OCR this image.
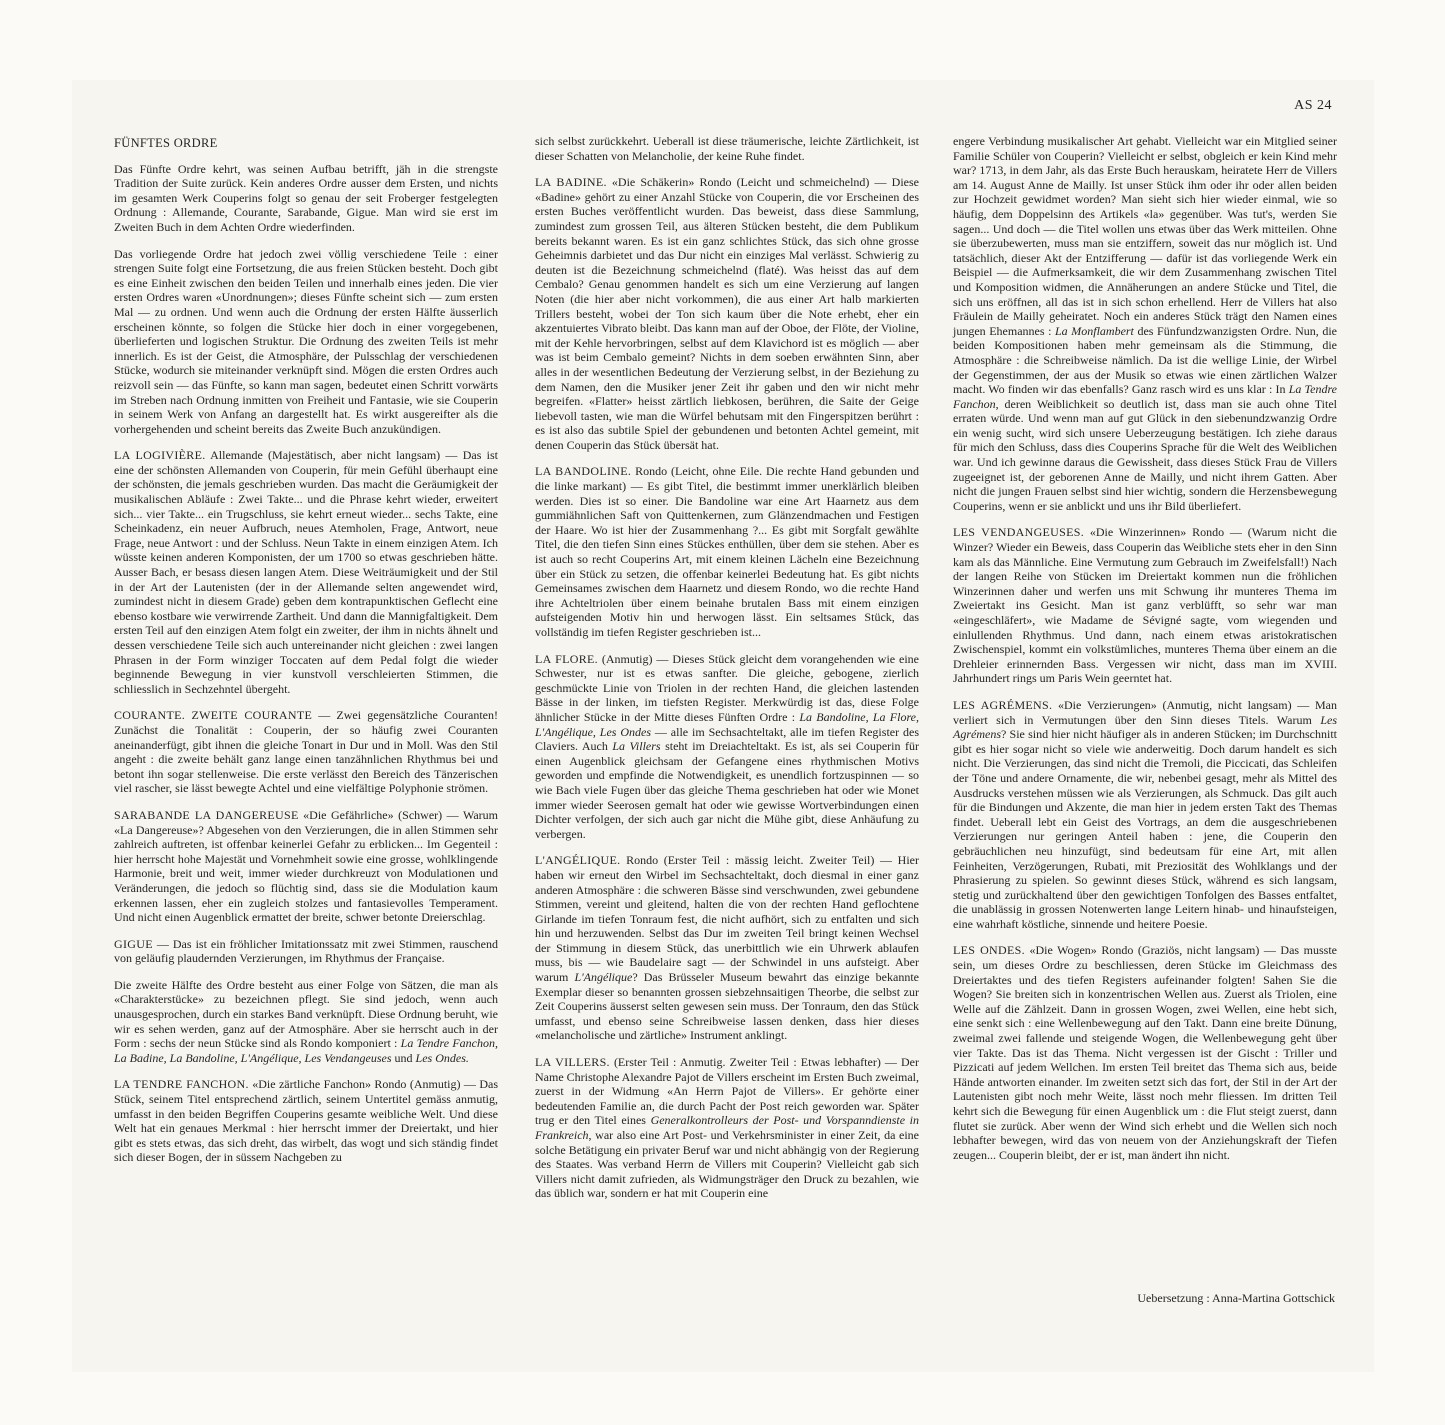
AS 24
FÜNFTES ORDRE

Das Fünfte Ordre kehrt, was seinen Aufbau betrifft, jäh in die strengste Tradition der Suite zurück. Kein anderes Ordre ausser dem Ersten, und nichts im gesamten Werk Couperins folgt so genau der seit Froberger festgelegten Ordnung : Allemande, Courante, Sarabande, Gigue. Man wird sie erst im Zweiten Buch in dem Achten Ordre wiederfinden.

Das vorliegende Ordre hat jedoch zwei völlig verschiedene Teile : einer strengen Suite folgt eine Fortsetzung, die aus freien Stücken besteht. Doch gibt es eine Einheit zwischen den beiden Teilen und innerhalb eines jeden. Die vier ersten Ordres waren «Unordnungen»; dieses Fünfte scheint sich — zum ersten Mal — zu ordnen. Und wenn auch die Ordnung der ersten Hälfte äusserlich erscheinen könnte, so folgen die Stücke hier doch in einer vorgegebenen, überlieferten und logischen Struktur. Die Ordnung des zweiten Teils ist mehr innerlich. Es ist der Geist, die Atmosphäre, der Pulsschlag der verschiedenen Stücke, wodurch sie miteinander verknüpft sind. Mögen die ersten Ordres auch reizvoll sein — das Fünfte, so kann man sagen, bedeutet einen Schritt vorwärts im Streben nach Ordnung inmitten von Freiheit und Fantasie, wie sie Couperin in seinem Werk von Anfang an dargestellt hat. Es wirkt ausgereifter als die vorhergehenden und scheint bereits das Zweite Buch anzukündigen.

LA LOGIVIÈRE. Allemande (Majestätisch, aber nicht langsam) — Das ist eine der schönsten Allemanden von Couperin, für mein Gefühl überhaupt eine der schönsten, die jemals geschrieben wurden. Das macht die Geräumigkeit der musikalischen Abläufe : Zwei Takte... und die Phrase kehrt wieder, erweitert sich... vier Takte... ein Trugschluss, sie kehrt erneut wieder... sechs Takte, eine Scheinkadenz, ein neuer Aufbruch, neues Atemholen, Frage, Antwort, neue Frage, neue Antwort : und der Schluss. Neun Takte in einem einzigen Atem. Ich wüsste keinen anderen Komponisten, der um 1700 so etwas geschrieben hätte. Ausser Bach, er besass diesen langen Atem. Diese Weiträumigkeit und der Stil in der Art der Lautenisten (der in der Allemande selten angewendet wird, zumindest nicht in diesem Grade) geben dem kontrapunktischen Geflecht eine ebenso kostbare wie verwirrende Zartheit. Und dann die Mannigfaltigkeit. Dem ersten Teil auf den einzigen Atem folgt ein zweiter, der ihm in nichts ähnelt und dessen verschiedene Teile sich auch untereinander nicht gleichen : zwei langen Phrasen in der Form winziger Toccaten auf dem Pedal folgt die wieder beginnende Bewegung in vier kunstvoll verschleierten Stimmen, die schliesslich in Sechzehntel übergeht.

COURANTE. ZWEITE COURANTE — Zwei gegensätzliche Couranten! Zunächst die Tonalität : Couperin, der so häufig zwei Couranten aneinanderfügt, gibt ihnen die gleiche Tonart in Dur und in Moll. Was den Stil angeht : die zweite behält ganz lange einen tanzähnlichen Rhythmus bei und betont ihn sogar stellenweise. Die erste verlässt den Bereich des Tänzerischen viel rascher, sie lässt bewegte Achtel und eine vielfältige Polyphonie strömen.

SARABANDE LA DANGEREUSE «Die Gefährliche» (Schwer) — Warum «La Dangereuse»? Abgesehen von den Verzierungen, die in allen Stimmen sehr zahlreich auftreten, ist offenbar keinerlei Gefahr zu erblicken... Im Gegenteil : hier herrscht hohe Majestät und Vornehmheit sowie eine grosse, wohlklingende Harmonie, breit und weit, immer wieder durchkreuzt von Modulationen und Veränderungen, die jedoch so flüchtig sind, dass sie die Modulation kaum erkennen lassen, eher ein zugleich stolzes und fantasievolles Temperament. Und nicht einen Augenblick ermattet der breite, schwer betonte Dreierschlag.

GIGUE — Das ist ein fröhlicher Imitationssatz mit zwei Stimmen, rauschend von geläufig plaudernden Verzierungen, im Rhythmus der Française.

Die zweite Hälfte des Ordre besteht aus einer Folge von Sätzen, die man als «Charakterstücke» zu bezeichnen pflegt. Sie sind jedoch, wenn auch unausgesprochen, durch ein starkes Band verknüpft. Diese Ordnung beruht, wie wir es sehen werden, ganz auf der Atmosphäre. Aber sie herrscht auch in der Form : sechs der neun Stücke sind als Rondo komponiert : La Tendre Fanchon, La Badine, La Bandoline, L'Angélique, Les Vendangeuses und Les Ondes.

LA TENDRE FANCHON. «Die zärtliche Fanchon» Rondo (Anmutig) — Das Stück, seinem Titel entsprechend zärtlich, seinem Untertitel gemäss anmutig, umfasst in den beiden Begriffen Couperins gesamte weibliche Welt. Und diese Welt hat ein genaues Merkmal : hier herrscht immer der Dreiertakt, und hier gibt es stets etwas, das sich dreht, das wirbelt, das wogt und sich ständig findet sich dieser Bogen, der in süssem Nachgeben zu

sich selbst zurückkehrt. Ueberall ist diese träumerische, leichte Zärtlichkeit, ist dieser Schatten von Melancholie, der keine Ruhe findet.

LA BADINE. «Die Schäkerin» Rondo (Leicht und schmeichelnd) — Diese «Badine» gehört zu einer Anzahl Stücke von Couperin, die vor Erscheinen des ersten Buches veröffentlicht wurden. Das beweist, dass diese Sammlung, zumindest zum grossen Teil, aus älteren Stücken besteht, die dem Publikum bereits bekannt waren. Es ist ein ganz schlichtes Stück, das sich ohne grosse Geheimnis darbietet und das Dur nicht ein einziges Mal verlässt. Schwierig zu deuten ist die Bezeichnung schmeichelnd (flaté). Was heisst das auf dem Cembalo? Genau genommen handelt es sich um eine Verzierung auf langen Noten (die hier aber nicht vorkommen), die aus einer Art halb markierten Trillers besteht, wobei der Ton sich kaum über die Note erhebt, eher ein akzentuiertes Vibrato bleibt. Das kann man auf der Oboe, der Flöte, der Violine, mit der Kehle hervorbringen, selbst auf dem Klavichord ist es möglich — aber was ist beim Cembalo gemeint? Nichts in dem soeben erwähnten Sinn, aber alles in der wesentlichen Bedeutung der Verzierung selbst, in der Beziehung zu dem Namen, den die Musiker jener Zeit ihr gaben und den wir nicht mehr begreifen. «Flatter» heisst zärtlich liebkosen, berühren, die Saite der Geige liebevoll tasten, wie man die Würfel behutsam mit den Fingerspitzen berührt : es ist also das subtile Spiel der gebundenen und betonten Achtel gemeint, mit denen Couperin das Stück übersät hat.

LA BANDOLINE. Rondo (Leicht, ohne Eile. Die rechte Hand gebunden und die linke markant) — Es gibt Titel, die bestimmt immer unerklärlich bleiben werden. Dies ist so einer. Die Bandoline war eine Art Haarnetz aus dem gummiähnlichen Saft von Quittenkernen, zum Glänzendmachen und Festigen der Haare. Wo ist hier der Zusammenhang ?... Es gibt mit Sorgfalt gewählte Titel, die den tiefen Sinn eines Stückes enthüllen, über dem sie stehen. Aber es ist auch so recht Couperins Art, mit einem kleinen Lächeln eine Bezeichnung über ein Stück zu setzen, die offenbar keinerlei Bedeutung hat. Es gibt nichts Gemeinsames zwischen dem Haarnetz und diesem Rondo, wo die rechte Hand ihre Achteltriolen über einem beinahe brutalen Bass mit einem einzigen aufsteigenden Motiv hin und herwogen lässt. Ein seltsames Stück, das vollständig im tiefen Register geschrieben ist...

LA FLORE. (Anmutig) — Dieses Stück gleicht dem vorangehenden wie eine Schwester, nur ist es etwas sanfter. Die gleiche, gebogene, zierlich geschmückte Linie von Triolen in der rechten Hand, die gleichen lastenden Bässe in der linken, im tiefsten Register. Merkwürdig ist das, diese Folge ähnlicher Stücke in der Mitte dieses Fünften Ordre : La Bandoline, La Flore, L'Angélique, Les Ondes — alle im Sechsachteltakt, alle im tiefen Register des Claviers. Auch La Villers steht im Dreiachteltakt. Es ist, als sei Couperin für einen Augenblick gleichsam der Gefangene eines rhythmischen Motivs geworden und empfinde die Notwendigkeit, es unendlich fortzuspinnen — so wie Bach viele Fugen über das gleiche Thema geschrieben hat oder wie Monet immer wieder Seerosen gemalt hat oder wie gewisse Wortverbindungen einen Dichter verfolgen, der sich auch gar nicht die Mühe gibt, diese Anhäufung zu verbergen.

L'ANGÉLIQUE. Rondo (Erster Teil : mässig leicht. Zweiter Teil) — Hier haben wir erneut den Wirbel im Sechsachteltakt, doch diesmal in einer ganz anderen Atmosphäre : die schweren Bässe sind verschwunden, zwei gebundene Stimmen, vereint und gleitend, halten die von der rechten Hand geflochtene Girlande im tiefen Tonraum fest, die nicht aufhört, sich zu entfalten und sich hin und herzuwenden. Selbst das Dur im zweiten Teil bringt keinen Wechsel der Stimmung in diesem Stück, das unerbittlich wie ein Uhrwerk ablaufen muss, bis — wie Baudelaire sagt — der Schwindel in uns aufsteigt. Aber warum L'Angélique? Das Brüsseler Museum bewahrt das einzige bekannte Exemplar dieser so benannten grossen siebzehnsaitigen Theorbe, die selbst zur Zeit Couperins äusserst selten gewesen sein muss. Der Tonraum, den das Stück umfasst, und ebenso seine Schreibweise lassen denken, dass hier dieses «melancholische und zärtliche» Instrument anklingt.

LA VILLERS. (Erster Teil : Anmutig. Zweiter Teil : Etwas lebhafter) — Der Name Christophe Alexandre Pajot de Villers erscheint im Ersten Buch zweimal, zuerst in der Widmung «An Herrn Pajot de Villers». Er gehörte einer bedeutenden Familie an, die durch Pacht der Post reich geworden war. Später trug er den Titel eines Generalkontrolleurs der Post- und Vorspanndienste in Frankreich, war also eine Art Post- und Verkehrsminister in einer Zeit, da eine solche Betätigung ein privater Beruf war und nicht abhängig von der Regierung des Staates. Was verband Herrn de Villers mit Couperin? Vielleicht gab sich Villers nicht damit zufrieden, als Widmungsträger den Druck zu bezahlen, wie das üblich war, sondern er hat mit Couperin eine

engere Verbindung musikalischer Art gehabt. Vielleicht war ein Mitglied seiner Familie Schüler von Couperin? Vielleicht er selbst, obgleich er kein Kind mehr war? 1713, in dem Jahr, als das Erste Buch herauskam, heiratete Herr de Villers am 14. August Anne de Mailly. Ist unser Stück ihm oder ihr oder allen beiden zur Hochzeit gewidmet worden? Man sieht sich hier wieder einmal, wie so häufig, dem Doppelsinn des Artikels «la» gegenüber. Was tut's, werden Sie sagen... Und doch — die Titel wollen uns etwas über das Werk mitteilen. Ohne sie überzubewerten, muss man sie entziffern, soweit das nur möglich ist. Und tatsächlich, dieser Akt der Entzifferung — dafür ist das vorliegende Werk ein Beispiel — die Aufmerksamkeit, die wir dem Zusammenhang zwischen Titel und Komposition widmen, die Annäherungen an andere Stücke und Titel, die sich uns eröffnen, all das ist in sich schon erhellend. Herr de Villers hat also Fräulein de Mailly geheiratet. Noch ein anderes Stück trägt den Namen eines jungen Ehemannes : La Monflambert des Fünfundzwanzigsten Ordre. Nun, die beiden Kompositionen haben mehr gemeinsam als die Stimmung, die Atmosphäre : die Schreibweise nämlich. Da ist die wellige Linie, der Wirbel der Gegenstimmen, der aus der Musik so etwas wie einen zärtlichen Walzer macht. Wo finden wir das ebenfalls? Ganz rasch wird es uns klar : In La Tendre Fanchon, deren Weiblichkeit so deutlich ist, dass man sie auch ohne Titel erraten würde. Und wenn man auf gut Glück in den siebenundzwanzig Ordre ein wenig sucht, wird sich unsere Ueberzeugung bestätigen. Ich ziehe daraus für mich den Schluss, dass dies Couperins Sprache für die Welt des Weiblichen war. Und ich gewinne daraus die Gewissheit, dass dieses Stück Frau de Villers zugeeignet ist, der geborenen Anne de Mailly, und nicht ihrem Gatten. Aber nicht die jungen Frauen selbst sind hier wichtig, sondern die Herzensbewegung Couperins, wenn er sie anblickt und uns ihr Bild überliefert.

LES VENDANGEUSES. «Die Winzerinnen» Rondo — (Warum nicht die Winzer? Wieder ein Beweis, dass Couperin das Weibliche stets eher in den Sinn kam als das Männliche. Eine Vermutung zum Gebrauch im Zweifelsfall!) Nach der langen Reihe von Stücken im Dreiertakt kommen nun die fröhlichen Winzerinnen daher und werfen uns mit Schwung ihr munteres Thema im Zweiertakt ins Gesicht. Man ist ganz verblüfft, so sehr war man «eingeschläfert», wie Madame de Sévigné sagte, vom wiegenden und einlullenden Rhythmus. Und dann, nach einem etwas aristokratischen Zwischenspiel, kommt ein volkstümliches, munteres Thema über einem an die Drehleier erinnernden Bass. Vergessen wir nicht, dass man im XVIII. Jahrhundert rings um Paris Wein geerntet hat.

LES AGRÉMENS. «Die Verzierungen» (Anmutig, nicht langsam) — Man verliert sich in Vermutungen über den Sinn dieses Titels. Warum Les Agrémens? Sie sind hier nicht häufiger als in anderen Stücken; im Durchschnitt gibt es hier sogar nicht so viele wie anderweitig. Doch darum handelt es sich nicht. Die Verzierungen, das sind nicht die Tremoli, die Piccicati, das Schleifen der Töne und andere Ornamente, die wir, nebenbei gesagt, mehr als Mittel des Ausdrucks verstehen müssen wie als Verzierungen, als Schmuck. Das gilt auch für die Bindungen und Akzente, die man hier in jedem ersten Takt des Themas findet. Ueberall lebt ein Geist des Vortrags, an dem die ausgeschriebenen Verzierungen nur geringen Anteil haben : jene, die Couperin den gebräuchlichen neu hinzufügt, sind bedeutsam für eine Art, mit allen Feinheiten, Verzögerungen, Rubati, mit Preziosität des Wohlklangs und der Phrasierung zu spielen. So gewinnt dieses Stück, während es sich langsam, stetig und zurückhaltend über den gewichtigen Tonfolgen des Basses entfaltet, die unablässig in grossen Notenwerten lange Leitern hinab- und hinaufsteigen, eine wahrhaft köstliche, sinnende und heitere Poesie.

LES ONDES. «Die Wogen» Rondo (Graziös, nicht langsam) — Das musste sein, um dieses Ordre zu beschliessen, deren Stücke im Gleichmass des Dreiertaktes und des tiefen Registers aufeinander folgten! Sahen Sie die Wogen? Sie breiten sich in konzentrischen Wellen aus. Zuerst als Triolen, eine Welle auf die Zählzeit. Dann in grossen Wogen, zwei Wellen, eine hebt sich, eine senkt sich : eine Wellenbewegung auf den Takt. Dann eine breite Dünung, zweimal zwei fallende und steigende Wogen, die Wellenbewegung geht über vier Takte. Das ist das Thema. Nicht vergessen ist der Gischt : Triller und Pizzicati auf jedem Wellchen. Im ersten Teil breitet das Thema sich aus, beide Hände antworten einander. Im zweiten setzt sich das fort, der Stil in der Art der Lautenisten gibt noch mehr Weite, lässt noch mehr fliessen. Im dritten Teil kehrt sich die Bewegung für einen Augenblick um : die Flut steigt zuerst, dann flutet sie zurück. Aber wenn der Wind sich erhebt und die Wellen sich noch lebhafter bewegen, wird das von neuem von der Anziehungskraft der Tiefen zeugen... Couperin bleibt, der er ist, man ändert ihn nicht.

Uebersetzung : Anna-Martina Gottschick
